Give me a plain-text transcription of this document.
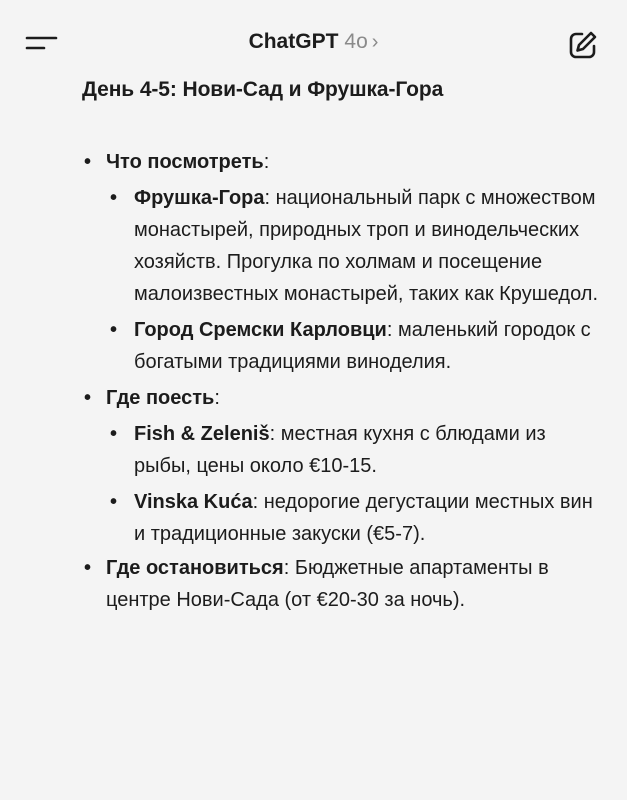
ChatGPT 4o ›
День 4-5: Нови-Сад и Фрушка-Гора
• Что посмотреть:
• Фрушка-Гора: национальный парк с множеством монастырей, природных троп и винодельческих хозяйств. Прогулка по холмам и посещение малоизвестных монастырей, таких как Крушедол.
• Город Сремски Карловци: маленький городок с богатыми традициями виноделия.
• Где поесть:
• Fish & Zeleniš: местная кухня с блюдами из рыбы, цены около €10-15.
• Vinska Kuća: недорогие дегустации местных вин и традиционные закуски (€5-7).
• Где остановиться: Бюджетные апартаменты в центре Нови-Сада (от €20-30 за ночь).
